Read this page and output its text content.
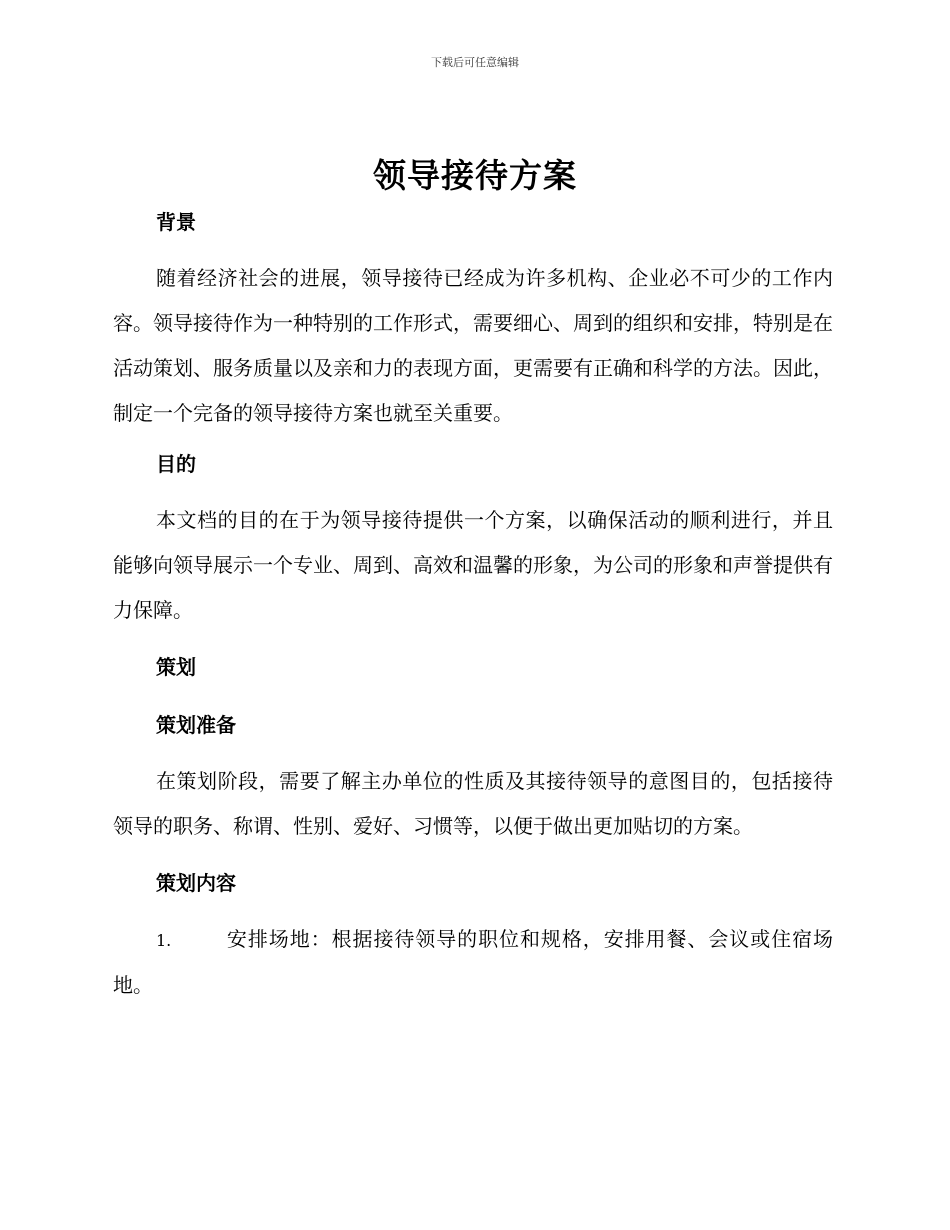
下载后可任意编辑
领导接待方案
背景

随着经济社会的进展，领导接待已经成为许多机构、企业必不可少的工作内容。领导接待作为一种特别的工作形式，需要细心、周到的组织和安排，特别是在活动策划、服务质量以及亲和力的表现方面，更需要有正确和科学的方法。因此，制定一个完备的领导接待方案也就至关重要。

目的

本文档的目的在于为领导接待提供一个方案，以确保活动的顺利进行，并且能够向领导展示一个专业、周到、高效和温馨的形象，为公司的形象和声誉提供有力保障。

策划
策划准备

在策划阶段，需要了解主办单位的性质及其接待领导的意图目的，包括接待领导的职务、称谓、性别、爱好、习惯等，以便于做出更加贴切的方案。

策划内容

1.	安排场地：根据接待领导的职位和规格，安排用餐、会议或住宿场地。
